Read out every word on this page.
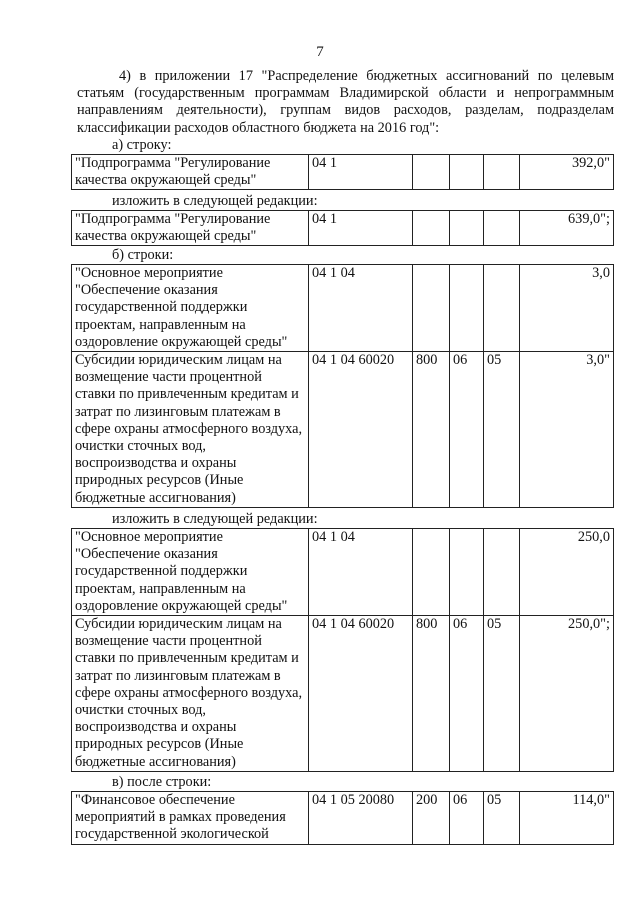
7

4) в приложении 17 "Распределение бюджетных ассигнований по целевым статьям (государственным программам Владимирской области и непрограммным направлениям деятельности), группам видов расходов, разделам, подразделам классификации расходов областного бюджета на 2016 год":

а) строку:
"Подпрограмма "Регулирование качества окружающей среды"	04 1				392,0"
изложить в следующей редакции:
"Подпрограмма "Регулирование качества окружающей среды"	04 1				639,0";
б) строки:
"Основное мероприятие "Обеспечение оказания государственной поддержки проектам, направленным на оздоровление окружающей среды"	04 1 04				3,0
Субсидии юридическим лицам на возмещение части процентной ставки по привлеченным кредитам и затрат по лизинговым платежам в сфере охраны атмосферного воздуха, очистки сточных вод, воспроизводства и охраны природных ресурсов (Иные бюджетные ассигнования)	04 1 04 60020	800	06	05	3,0"
изложить в следующей редакции:
"Основное мероприятие "Обеспечение оказания государственной поддержки проектам, направленным на оздоровление окружающей среды"	04 1 04				250,0
Субсидии юридическим лицам на возмещение части процентной ставки по привлеченным кредитам и затрат по лизинговым платежам в сфере охраны атмосферного воздуха, очистки сточных вод, воспроизводства и охраны природных ресурсов (Иные бюджетные ассигнования)	04 1 04 60020	800	06	05	250,0";
в) после строки:
"Финансовое обеспечение мероприятий в рамках проведения государственной экологической	04 1 05 20080	200	06	05	114,0"
